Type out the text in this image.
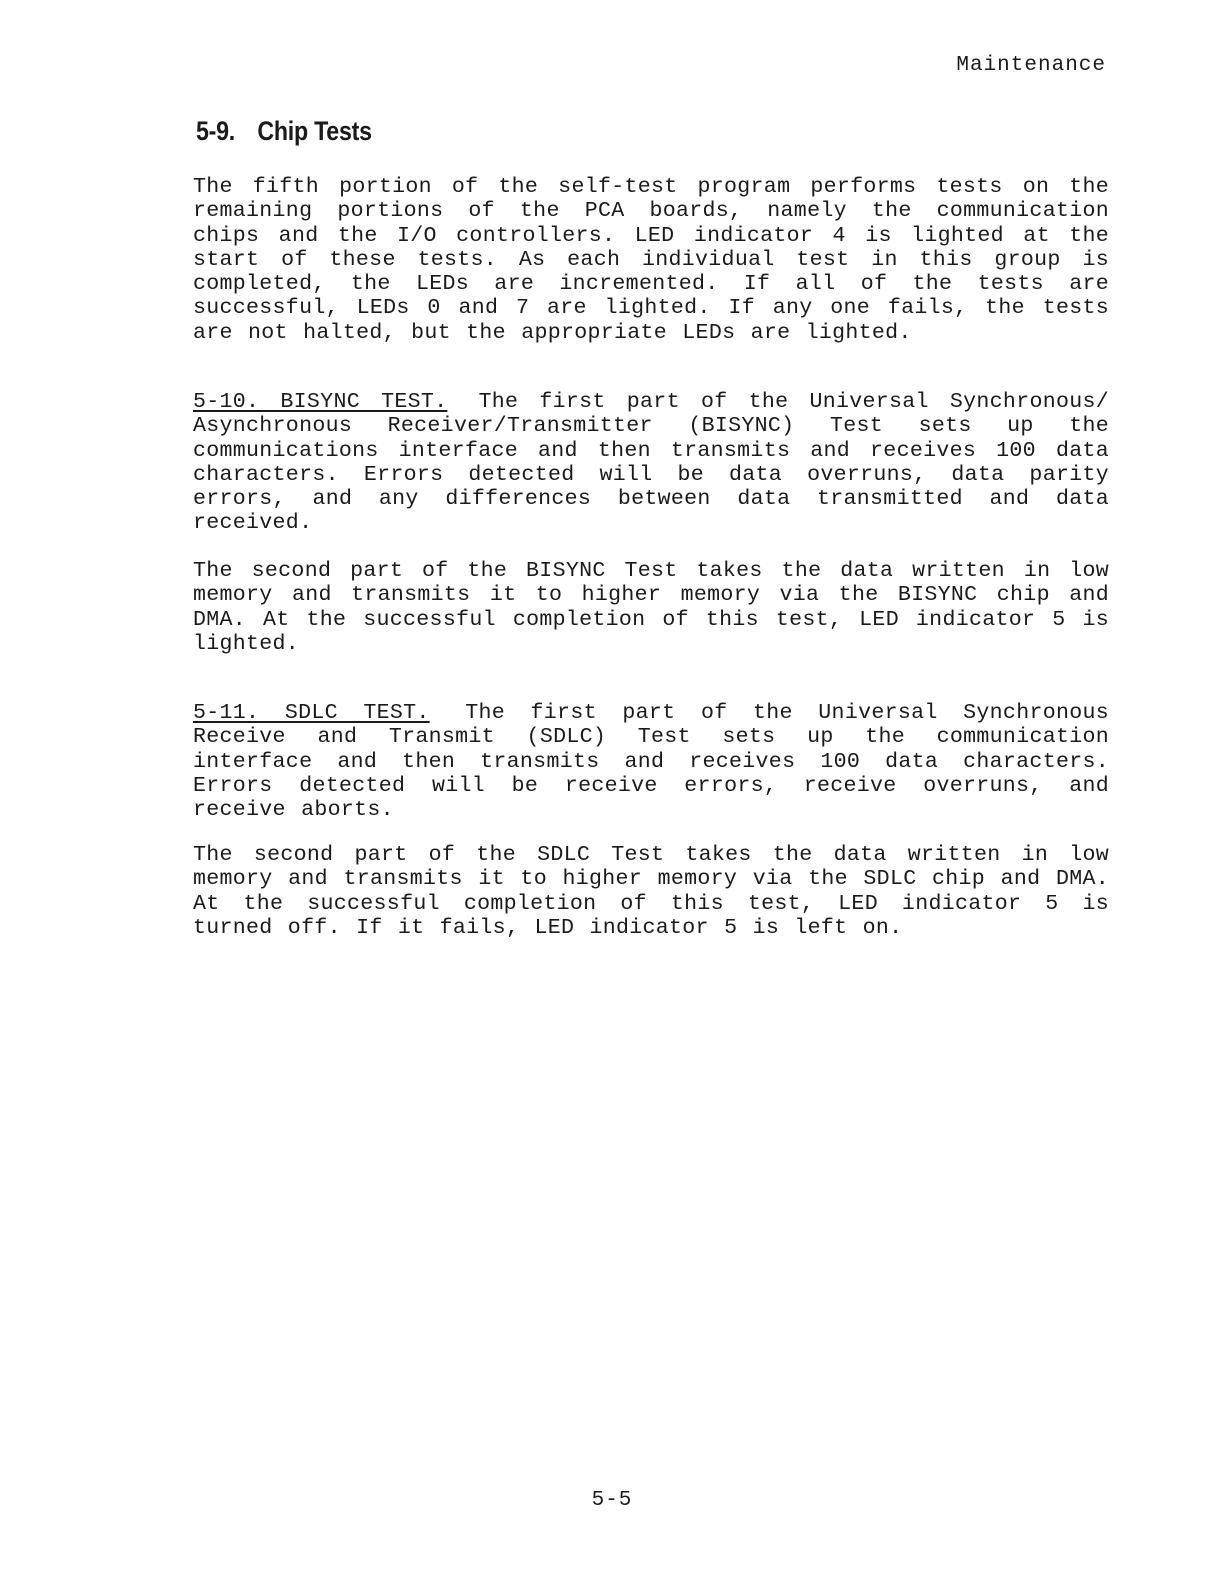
Maintenance
5-9. Chip Tests

The fifth portion of the self-test program performs tests on the remaining portions of the PCA boards, namely the communication chips and the I/O controllers. LED indicator 4 is lighted at the start of these tests. As each individual test in this group is completed, the LEDs are incremented. If all of the tests are successful, LEDs 0 and 7 are lighted. If any one fails, the tests are not halted, but the appropriate LEDs are lighted.

5-10. BISYNC TEST. The first part of the Universal Synchronous/ Asynchronous Receiver/Transmitter (BISYNC) Test sets up the communications interface and then transmits and receives 100 data characters. Errors detected will be data overruns, data parity errors, and any differences between data transmitted and data received.

The second part of the BISYNC Test takes the data written in low memory and transmits it to higher memory via the BISYNC chip and DMA. At the successful completion of this test, LED indicator 5 is lighted.

5-11. SDLC TEST. The first part of the Universal Synchronous Receive and Transmit (SDLC) Test sets up the communication interface and then transmits and receives 100 data characters. Errors detected will be receive errors, receive overruns, and receive aborts.

The second part of the SDLC Test takes the data written in low memory and transmits it to higher memory via the SDLC chip and DMA. At the successful completion of this test, LED indicator 5 is turned off. If it fails, LED indicator 5 is left on.

5-5
